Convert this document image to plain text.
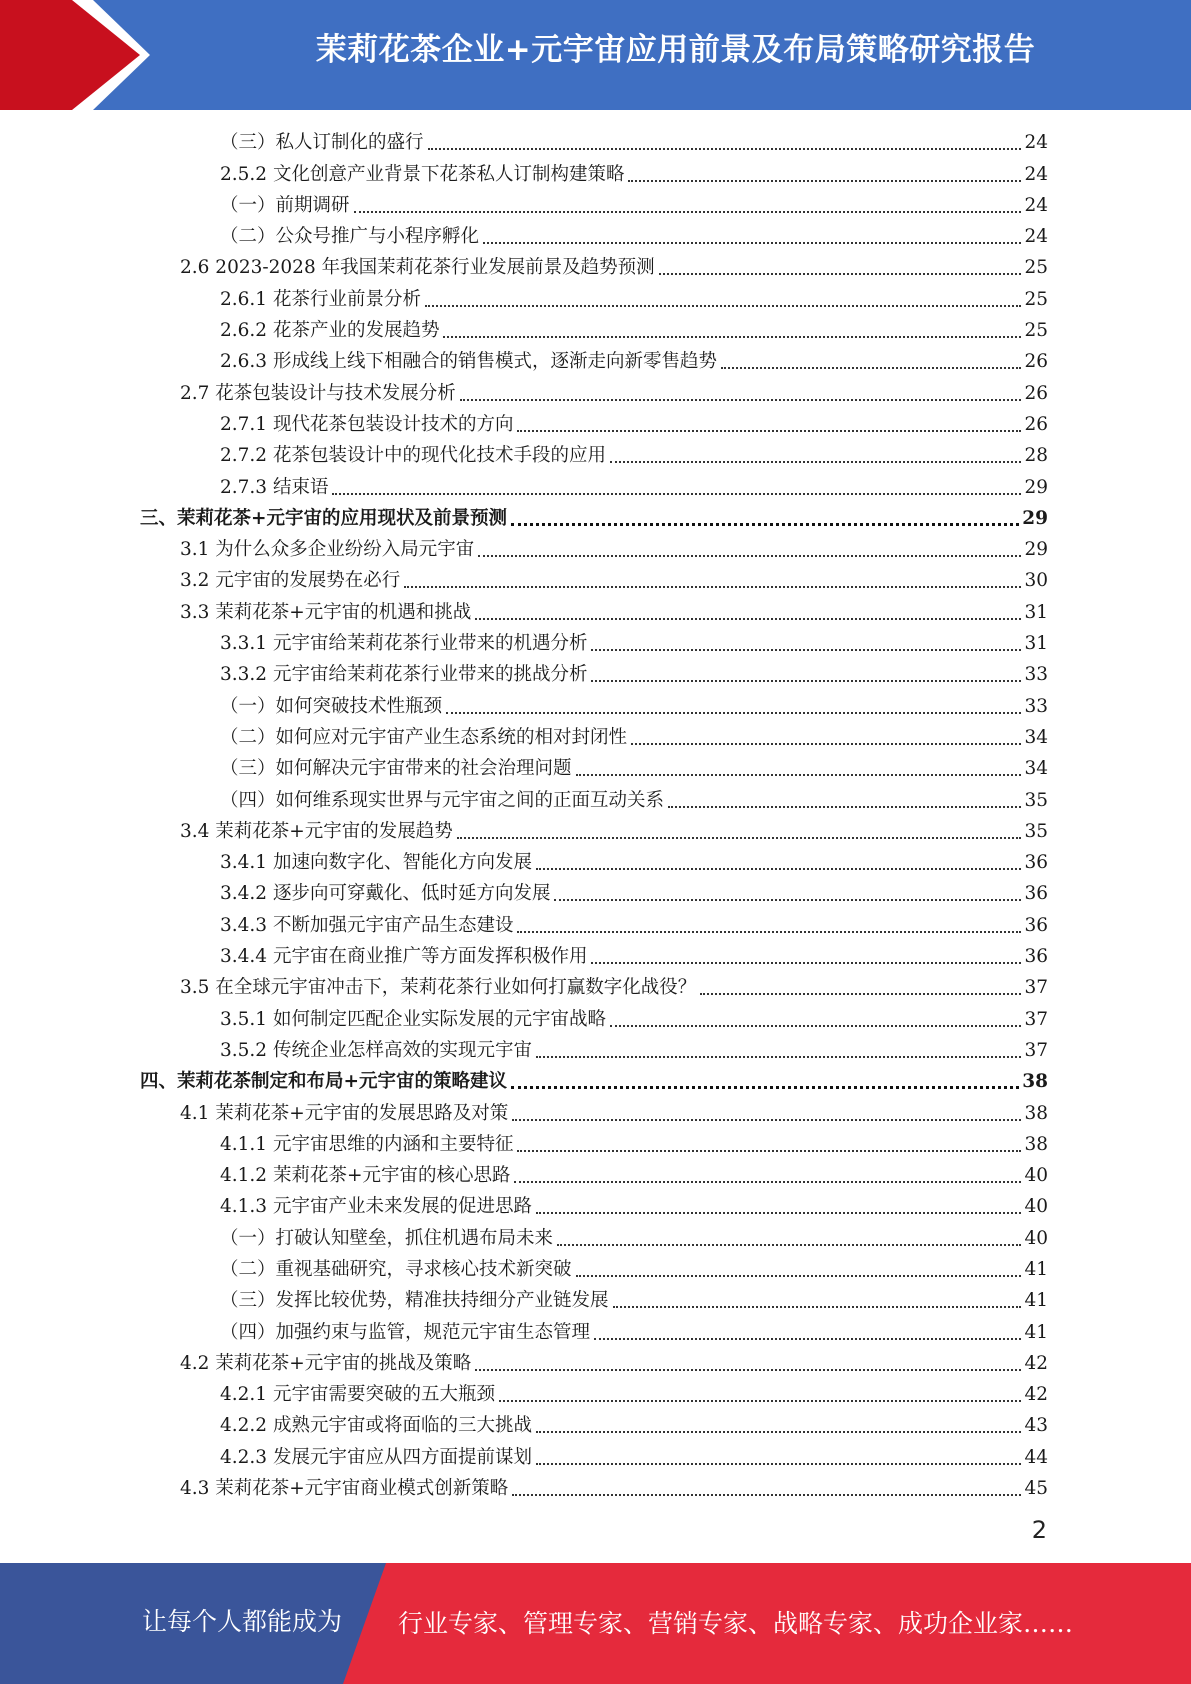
茉莉花茶企业+元宇宙应用前景及布局策略研究报告
（三）私人订制化的盛行	24
2.5.2 文化创意产业背景下花茶私人订制构建策略	24
（一）前期调研	24
（二）公众号推广与小程序孵化	24
2.6 2023-2028 年我国茉莉花茶行业发展前景及趋势预测	25
2.6.1 花茶行业前景分析	25
2.6.2 花茶产业的发展趋势	25
2.6.3 形成线上线下相融合的销售模式，逐渐走向新零售趋势	26
2.7 花茶包装设计与技术发展分析	26
2.7.1 现代花茶包装设计技术的方向	26
2.7.2 花茶包装设计中的现代化技术手段的应用	28
2.7.3 结束语	29
三、茉莉花茶+元宇宙的应用现状及前景预测	29
3.1 为什么众多企业纷纷入局元宇宙	29
3.2 元宇宙的发展势在必行	30
3.3 茉莉花茶+元宇宙的机遇和挑战	31
3.3.1 元宇宙给茉莉花茶行业带来的机遇分析	31
3.3.2 元宇宙给茉莉花茶行业带来的挑战分析	33
（一）如何突破技术性瓶颈	33
（二）如何应对元宇宙产业生态系统的相对封闭性	34
（三）如何解决元宇宙带来的社会治理问题	34
（四）如何维系现实世界与元宇宙之间的正面互动关系	35
3.4 茉莉花茶+元宇宙的发展趋势	35
3.4.1 加速向数字化、智能化方向发展	36
3.4.2 逐步向可穿戴化、低时延方向发展	36
3.4.3 不断加强元宇宙产品生态建设	36
3.4.4 元宇宙在商业推广等方面发挥积极作用	36
3.5 在全球元宇宙冲击下，茉莉花茶行业如何打赢数字化战役？	37
3.5.1 如何制定匹配企业实际发展的元宇宙战略	37
3.5.2 传统企业怎样高效的实现元宇宙	37
四、茉莉花茶制定和布局+元宇宙的策略建议	38
4.1 茉莉花茶+元宇宙的发展思路及对策	38
4.1.1 元宇宙思维的内涵和主要特征	38
4.1.2 茉莉花茶+元宇宙的核心思路	40
4.1.3 元宇宙产业未来发展的促进思路	40
（一）打破认知壁垒，抓住机遇布局未来	40
（二）重视基础研究，寻求核心技术新突破	41
（三）发挥比较优势，精准扶持细分产业链发展	41
（四）加强约束与监管，规范元宇宙生态管理	41
4.2 茉莉花茶+元宇宙的挑战及策略	42
4.2.1 元宇宙需要突破的五大瓶颈	42
4.2.2 成熟元宇宙或将面临的三大挑战	43
4.2.3 发展元宇宙应从四方面提前谋划	44
4.3 茉莉花茶+元宇宙商业模式创新策略	45
2
让每个人都能成为 行业专家、管理专家、营销专家、战略专家、成功企业家……
